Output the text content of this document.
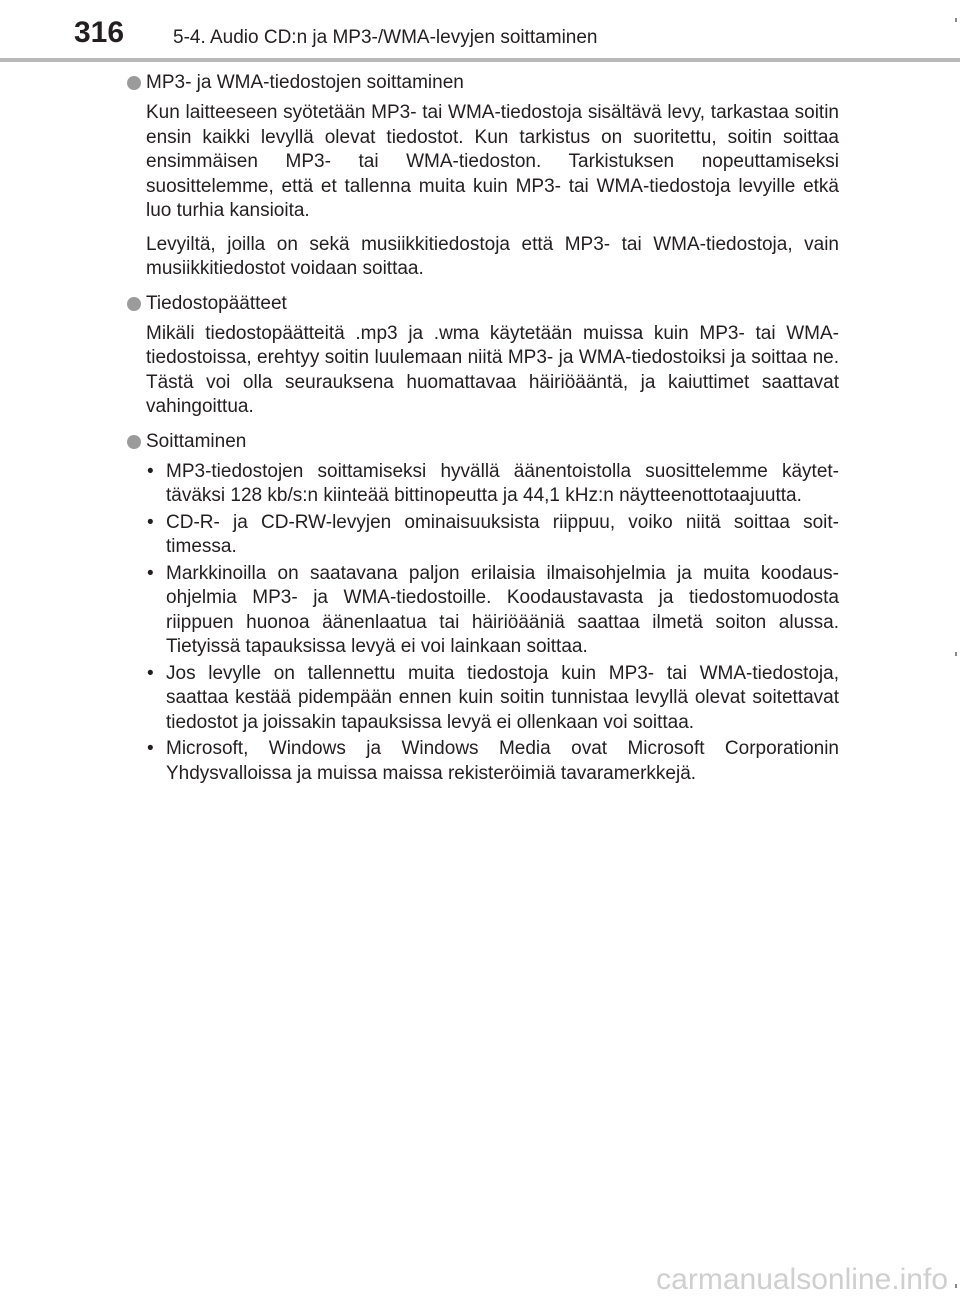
316	5-4. Audio CD:n ja MP3-/WMA-levyjen soittaminen
MP3- ja WMA-tiedostojen soittaminen

Kun laitteeseen syötetään MP3- tai WMA-tiedostoja sisältävä levy, tarkastaa soitin ensin kaikki levyllä olevat tiedostot. Kun tarkistus on suoritettu, soitin soittaa ensimmäisen MP3- tai WMA-tiedoston. Tarkistuksen nopeuttamiseksi suosittelemme, että et tallenna muita kuin MP3- tai WMA-tiedostoja levyille etkä luo turhia kansioita.

Levyiltä, joilla on sekä musiikkitiedostoja että MP3- tai WMA-tiedostoja, vain musiikkitiedostot voidaan soittaa.

Tiedostopäätteet

Mikäli tiedostopäätteitä .mp3 ja .wma käytetään muissa kuin MP3- tai WMA-tiedostoissa, erehtyy soitin luulemaan niitä MP3- ja WMA-tiedostoiksi ja soittaa ne. Tästä voi olla seurauksena huomattavaa häiriöääntä, ja kaiuttimet saattavat vahingoittua.

Soittaminen
• MP3-tiedostojen soittamiseksi hyvällä äänentoistolla suosittelemme käytettäväksi 128 kb/s:n kiinteää bittinopeutta ja 44,1 kHz:n näytteenottotaajuutta.
• CD-R- ja CD-RW-levyjen ominaisuuksista riippuu, voiko niitä soittaa soittimessa.
• Markkinoilla on saatavana paljon erilaisia ilmaisohjelmia ja muita koodausohjelmia MP3- ja WMA-tiedostoille. Koodaustavasta ja tiedostomuodosta riippuen huonoa äänenlaatua tai häiriöääniä saattaa ilmetä soiton alussa. Tietyissä tapauksissa levyä ei voi lainkaan soittaa.
• Jos levylle on tallennettu muita tiedostoja kuin MP3- tai WMA-tiedostoja, saattaa kestää pidempään ennen kuin soitin tunnistaa levyllä olevat soitettavat tiedostot ja joissakin tapauksissa levyä ei ollenkaan voi soittaa.
• Microsoft, Windows ja Windows Media ovat Microsoft Corporationin Yhdysvalloissa ja muissa maissa rekisteröimiä tavaramerkkejä.
carmanualsonline.info
